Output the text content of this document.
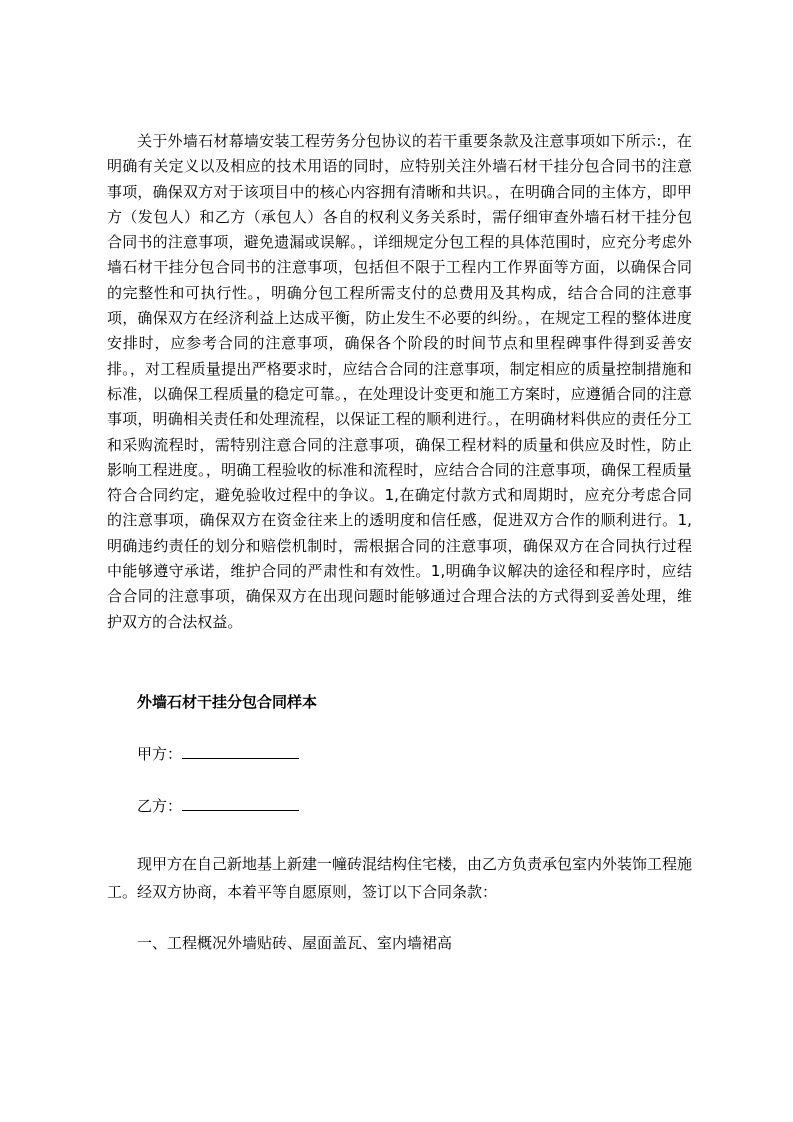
关于外墙石材幕墙安装工程劳务分包协议的若干重要条款及注意事项如下所示:，在明确有关定义以及相应的技术用语的同时，应特别关注外墙石材干挂分包合同书的注意事项，确保双方对于该项目中的核心内容拥有清晰和共识。，在明确合同的主体方，即甲方（发包人）和乙方（承包人）各自的权利义务关系时，需仔细审查外墙石材干挂分包合同书的注意事项，避免遗漏或误解。，详细规定分包工程的具体范围时，应充分考虑外墙石材干挂分包合同书的注意事项，包括但不限于工程内工作界面等方面，以确保合同的完整性和可执行性。，明确分包工程所需支付的总费用及其构成，结合合同的注意事项，确保双方在经济利益上达成平衡，防止发生不必要的纠纷。，在规定工程的整体进度安排时，应参考合同的注意事项，确保各个阶段的时间节点和里程碑事件得到妥善安排。，对工程质量提出严格要求时，应结合合同的注意事项，制定相应的质量控制措施和标准，以确保工程质量的稳定可靠。，在处理设计变更和施工方案时，应遵循合同的注意事项，明确相关责任和处理流程，以保证工程的顺利进行。，在明确材料供应的责任分工和采购流程时，需特别注意合同的注意事项，确保工程材料的质量和供应及时性，防止影响工程进度。，明确工程验收的标准和流程时，应结合合同的注意事项，确保工程质量符合合同约定，避免验收过程中的争议。1,在确定付款方式和周期时，应充分考虑合同的注意事项，确保双方在资金往来上的透明度和信任感，促进双方合作的顺利进行。1,明确违约责任的划分和赔偿机制时，需根据合同的注意事项，确保双方在合同执行过程中能够遵守承诺，维护合同的严肃性和有效性。1,明确争议解决的途径和程序时，应结合合同的注意事项，确保双方在出现问题时能够通过合理合法的方式得到妥善处理，维护双方的合法权益。

外墙石材干挂分包合同样本

甲方：

乙方：

现甲方在自己新地基上新建一幢砖混结构住宅楼，由乙方负责承包室内外装饰工程施工。经双方协商，本着平等自愿原则，签订以下合同条款：

一、工程概况外墙贴砖、屋面盖瓦、室内墙裙高
